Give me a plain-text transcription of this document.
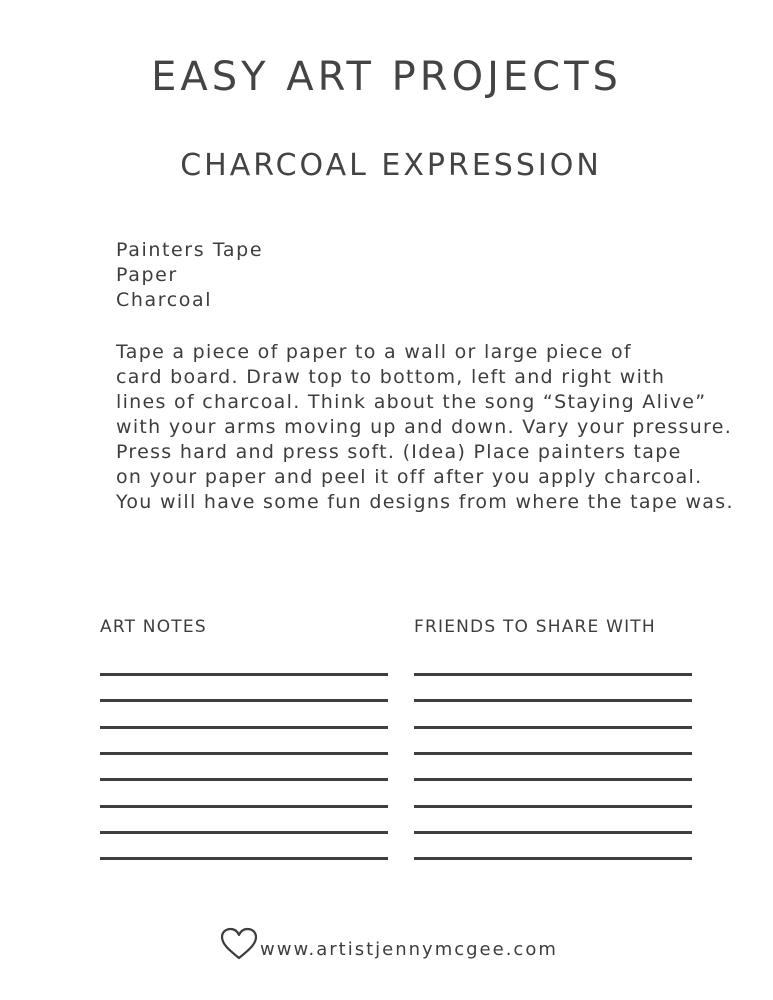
EASY ART PROJECTS
CHARCOAL EXPRESSION
Painters Tape
Paper
Charcoal
Tape a piece of paper to a wall or large piece of
card board. Draw top to bottom, left and right with
lines of charcoal. Think about the song “Staying Alive”
with your arms moving up and down. Vary your pressure.
Press hard and press soft. (Idea) Place painters tape
on your paper and peel it off after you apply charcoal.
You will have some fun designs from where the tape was.
ART NOTES	FRIENDS TO SHARE WITH
www.artistjennymcgee.com
